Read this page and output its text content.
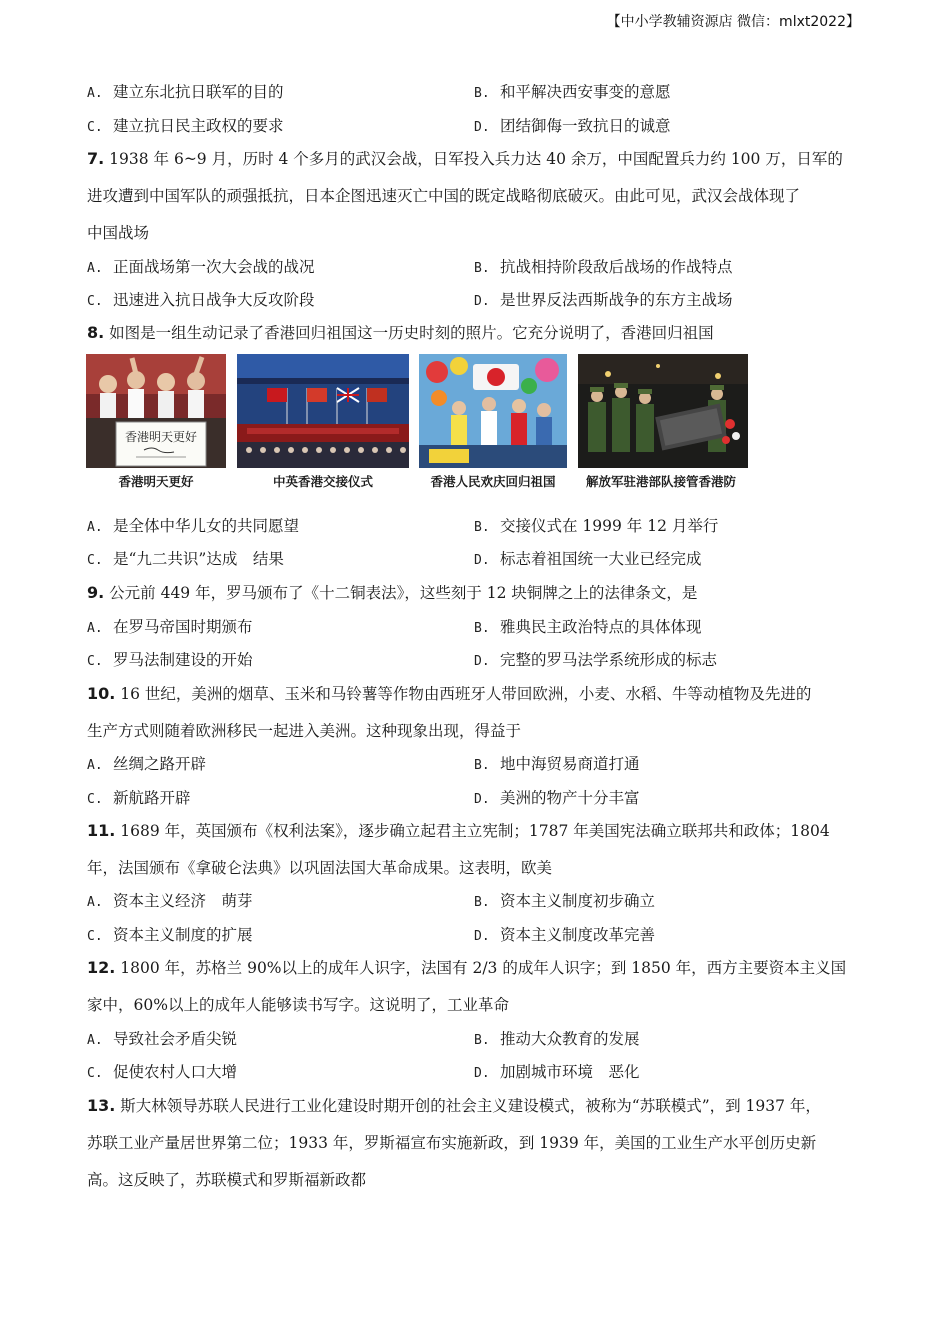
【中小学教辅资源店 微信：mlxt2022】
A. 建立东北抗日联军的目的	B. 和平解决西安事变的意愿
C. 建立抗日民主政权的要求	D. 团结御侮一致抗日的诚意
7. 1938 年 6~9 月，历时 4 个多月的武汉会战，日军投入兵力达 40 余万，中国配置兵力约 100 万，日军的
进攻遭到中国军队的顽强抵抗，日本企图迅速灭亡中国的既定战略彻底破灭。由此可见，武汉会战体现了
中国战场
A. 正面战场第一次大会战的战况	B. 抗战相持阶段敌后战场的作战特点
C. 迅速进入抗日战争大反攻阶段	D. 是世界反法西斯战争的东方主战场
8. 如图是一组生动记录了香港回归祖国这一历史时刻的照片。它充分说明了，香港回归祖国
香港明天更好
香港明天更好	中英香港交接仪式	香港人民欢庆回归祖国	解放军驻港部队接管香港防
A. 是全体中华儿女的共同愿望	B. 交接仪式在 1999 年 12 月举行
C. 是“九二共识”达成　结果	D. 标志着祖国统一大业已经完成
9. 公元前 449 年，罗马颁布了《十二铜表法》，这些刻于 12 块铜牌之上的法律条文，是
A. 在罗马帝国时期颁布	B. 雅典民主政治特点的具体体现
C. 罗马法制建设的开始	D. 完整的罗马法学系统形成的标志
10. 16 世纪，美洲的烟草、玉米和马铃薯等作物由西班牙人带回欧洲，小麦、水稻、牛等动植物及先进的
生产方式则随着欧洲移民一起进入美洲。这种现象出现，得益于
A. 丝绸之路开辟	B. 地中海贸易商道打通
C. 新航路开辟	D. 美洲的物产十分丰富
11. 1689 年，英国颁布《权利法案》，逐步确立起君主立宪制；1787 年美国宪法确立联邦共和政体；1804
年，法国颁布《拿破仑法典》以巩固法国大革命成果。这表明，欧美
A. 资本主义经济　萌芽	B. 资本主义制度初步确立
C. 资本主义制度的扩展	D. 资本主义制度改革完善
12. 1800 年，苏格兰 90%以上的成年人识字，法国有 2/3 的成年人识字；到 1850 年，西方主要资本主义国
家中，60%以上的成年人能够读书写字。这说明了，工业革命
A. 导致社会矛盾尖锐	B. 推动大众教育的发展
C. 促使农村人口大增	D. 加剧城市环境　恶化
13. 斯大林领导苏联人民进行工业化建设时期开创的社会主义建设模式，被称为“苏联模式”，到 1937 年，
苏联工业产量居世界第二位；1933 年，罗斯福宣布实施新政，到 1939 年，美国的工业生产水平创历史新
高。这反映了，苏联模式和罗斯福新政都
